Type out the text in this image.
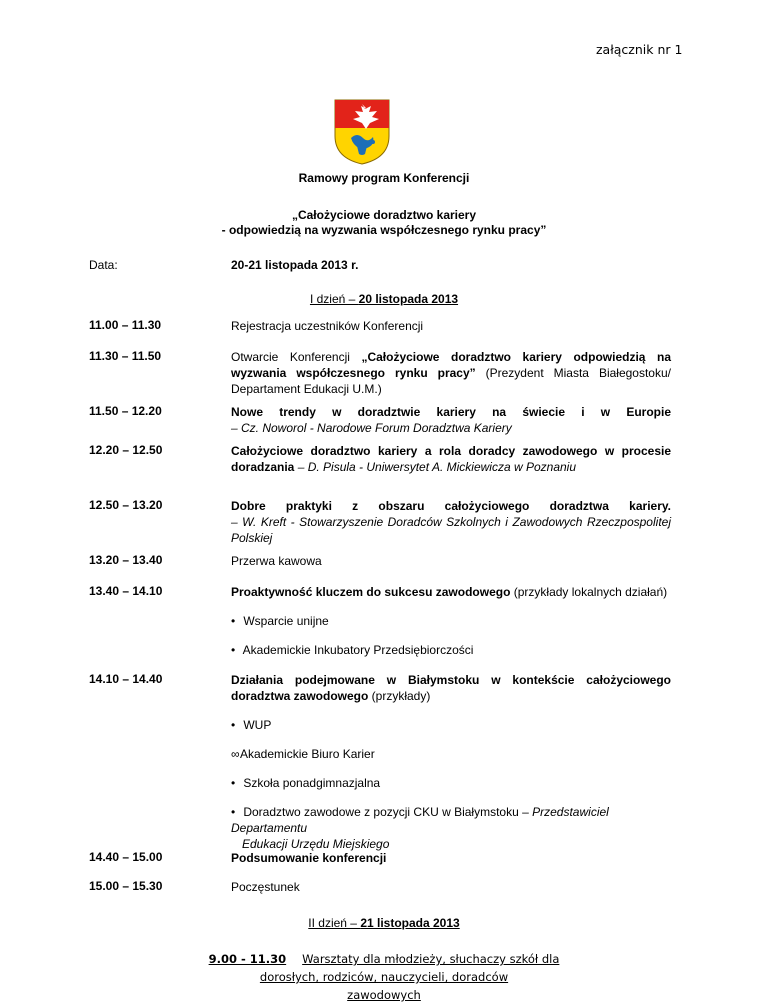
załącznik nr 1
Ramowy program Konferencji
„Całożyciowe doradztwo kariery
- odpowiedzią na wyzwania współczesnego rynku pracy”
Data:	20-21 listopada 2013 r.
I dzień – 20 listopada 2013
11.00 – 11.30	Rejestracja uczestników Konferencji
11.30 – 11.50	Otwarcie Konferencji „Całożyciowe doradztwo kariery odpowiedzią na wyzwania współczesnego rynku pracy” (Prezydent Miasta Białegostoku/ Departament Edukacji U.M.)
11.50 – 12.20	Nowe trendy w doradztwie kariery na świecie i w Europie
– Cz. Noworol - Narodowe Forum Doradztwa Kariery
12.20 – 12.50	Całożyciowe doradztwo kariery a rola doradcy zawodowego w procesie doradzania – D. Pisula - Uniwersytet A. Mickiewicza w Poznaniu
12.50 – 13.20	Dobre praktyki z obszaru całożyciowego doradztwa kariery.
– W. Kreft - Stowarzyszenie Doradców Szkolnych i Zawodowych Rzeczpospolitej Polskiej
13.20 – 13.40	Przerwa kawowa
13.40 – 14.10	Proaktywność kluczem do sukcesu zawodowego (przykłady lokalnych działań)
• Wsparcie unijne
• Akademickie Inkubatory Przedsiębiorczości
14.10 – 14.40	Działania podejmowane w Białymstoku w kontekście całożyciowego doradztwa zawodowego (przykłady)
• WUP
∞Akademickie Biuro Karier
• Szkoła ponadgimnazjalna
• Doradztwo zawodowe z pozycji CKU w Białymstoku – Przedstawiciel Departamentu
Edukacji Urzędu Miejskiego
14.40 – 15.00	Podsumowanie konferencji
15.00 – 15.30	Poczęstunek
II dzień – 21 listopada 2013
9.00 - 11.30 Warsztaty dla młodzieży, słuchaczy szkół dla
dorosłych, rodziców, nauczycieli, doradców
zawodowych
